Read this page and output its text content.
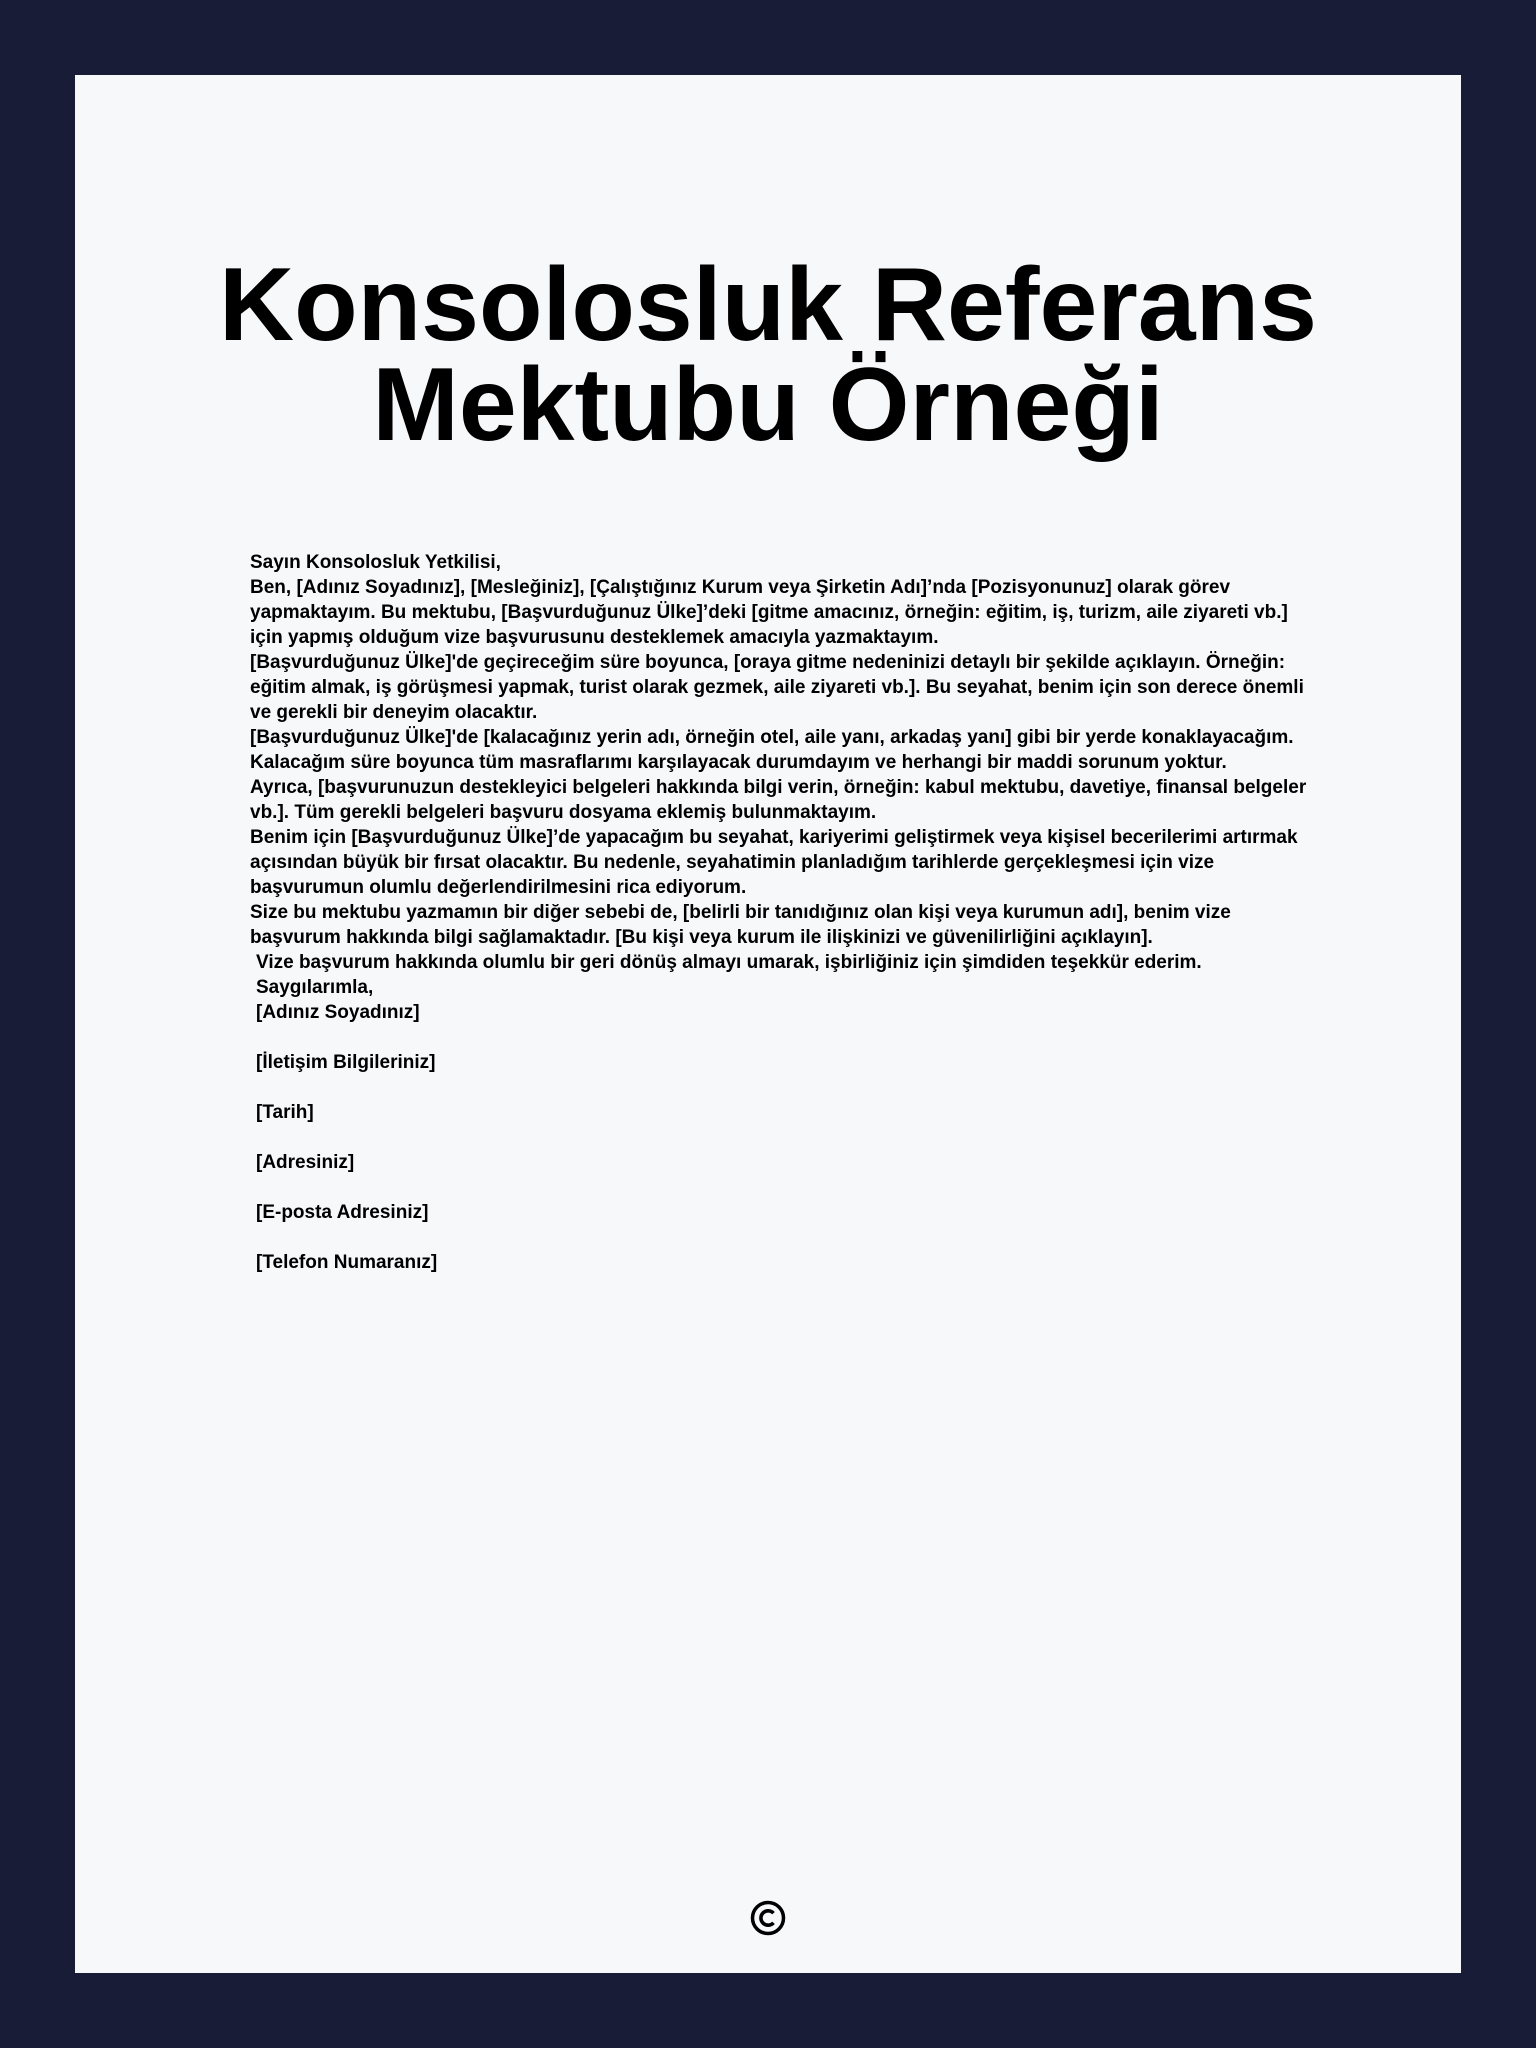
Konsolosluk Referans Mektubu Örneği

Sayın Konsolosluk Yetkilisi,

Ben, [Adınız Soyadınız], [Mesleğiniz], [Çalıştığınız Kurum veya Şirketin Adı]’nda [Pozisyonunuz] olarak görev yapmaktayım. Bu mektubu, [Başvurduğunuz Ülke]’deki [gitme amacınız, örneğin: eğitim, iş, turizm, aile ziyareti vb.] için yapmış olduğum vize başvurusunu desteklemek amacıyla yazmaktayım.

[Başvurduğunuz Ülke]'de geçireceğim süre boyunca, [oraya gitme nedeninizi detaylı bir şekilde açıklayın. Örneğin: eğitim almak, iş görüşmesi yapmak, turist olarak gezmek, aile ziyareti vb.]. Bu seyahat, benim için son derece önemli ve gerekli bir deneyim olacaktır.

[Başvurduğunuz Ülke]'de [kalacağınız yerin adı, örneğin otel, aile yanı, arkadaş yanı] gibi bir yerde konaklayacağım. Kalacağım süre boyunca tüm masraflarımı karşılayacak durumdayım ve herhangi bir maddi sorunum yoktur.

Ayrıca, [başvurunuzun destekleyici belgeleri hakkında bilgi verin, örneğin: kabul mektubu, davetiye, finansal belgeler vb.]. Tüm gerekli belgeleri başvuru dosyama eklemiş bulunmaktayım.

Benim için [Başvurduğunuz Ülke]’de yapacağım bu seyahat, kariyerimi geliştirmek veya kişisel becerilerimi artırmak açısından büyük bir fırsat olacaktır. Bu nedenle, seyahatimin planladığım tarihlerde gerçekleşmesi için vize başvurumun olumlu değerlendirilmesini rica ediyorum.

Size bu mektubu yazmamın bir diğer sebebi de, [belirli bir tanıdığınız olan kişi veya kurumun adı], benim vize başvurum hakkında bilgi sağlamaktadır. [Bu kişi veya kurum ile ilişkinizi ve güvenilirliğini açıklayın].

Vize başvurum hakkında olumlu bir geri dönüş almayı umarak, işbirliğiniz için şimdiden teşekkür ederim.

Saygılarımla,

[Adınız Soyadınız]
[İletişim Bilgileriniz]
[Tarih]
[Adresiniz]
[E-posta Adresiniz]
[Telefon Numaranız]
